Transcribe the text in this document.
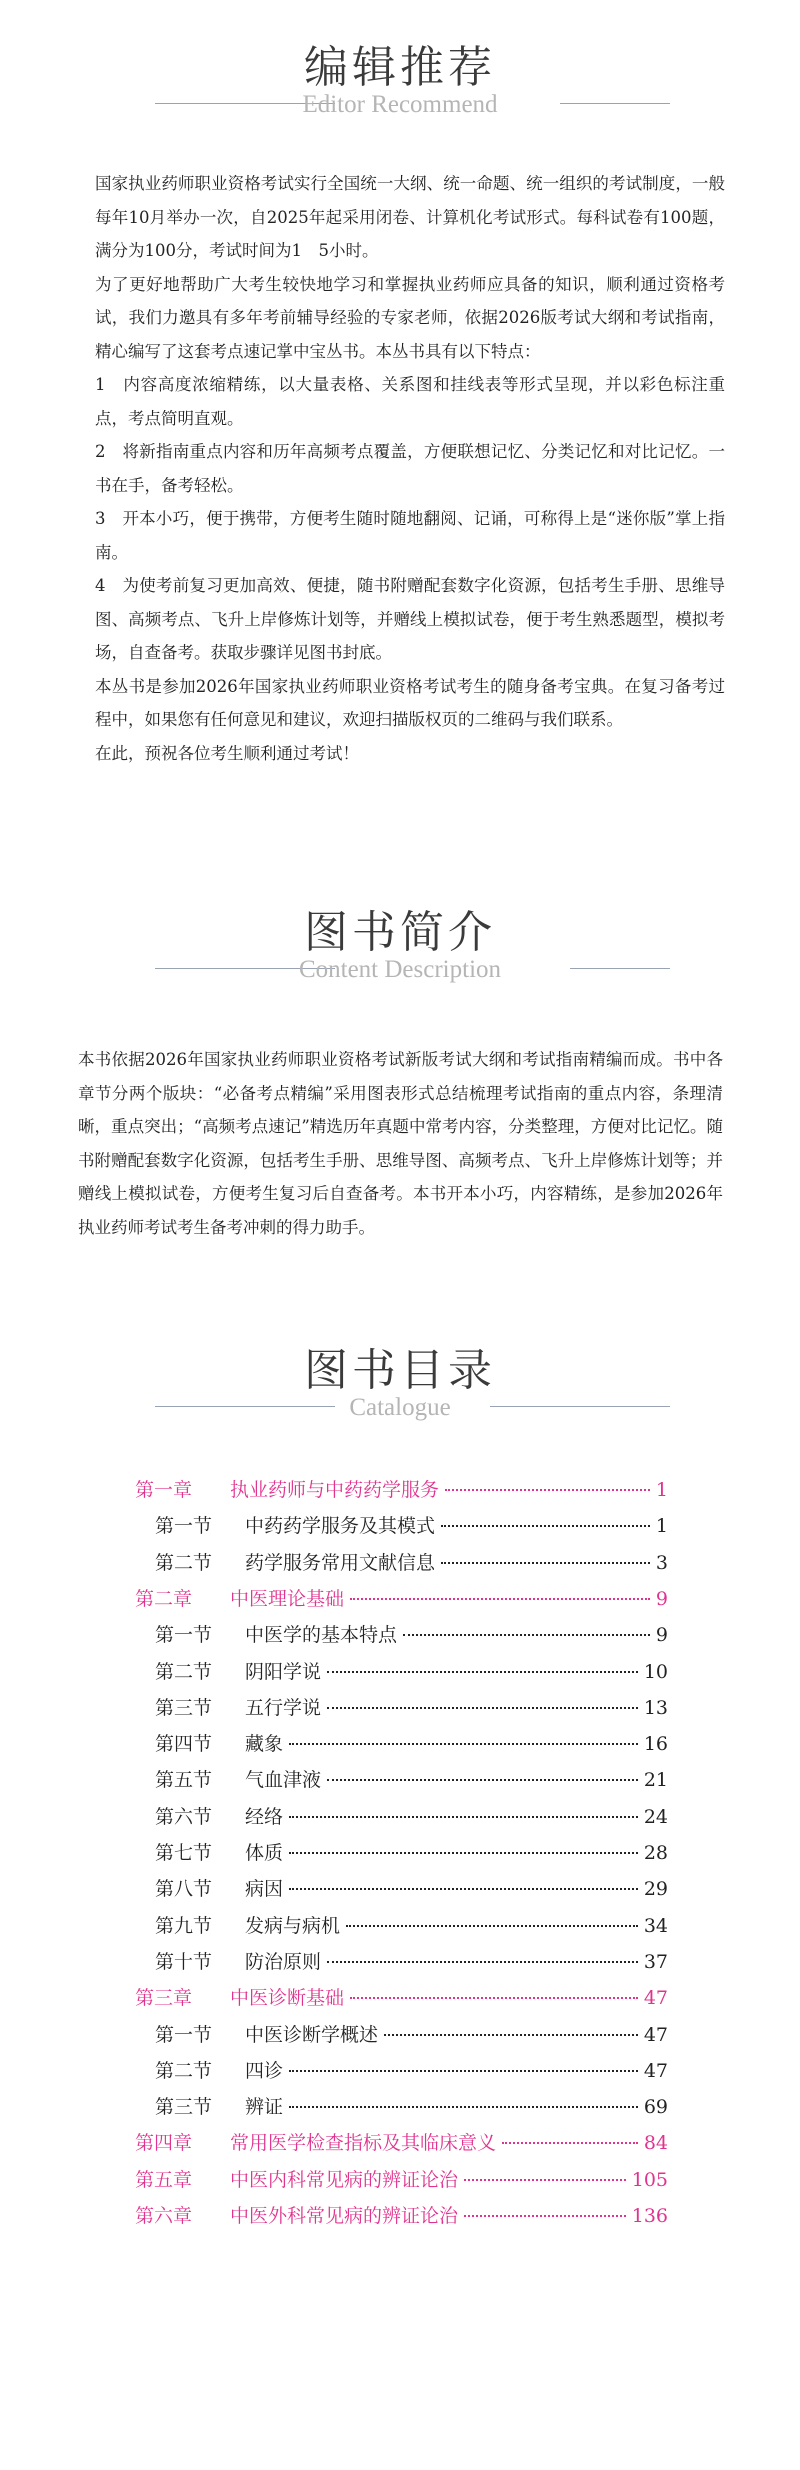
编辑推荐
Editor Recommend

国家执业药师职业资格考试实行全国统一大纲、统一命题、统一组织的考试制度，一般每年10月举办一次，自2025年起采用闭卷、计算机化考试形式。每科试卷有100题，满分为100分，考试时间为1　5小时。

为了更好地帮助广大考生较快地学习和掌握执业药师应具备的知识，顺利通过资格考试，我们力邀具有多年考前辅导经验的专家老师，依据2026版考试大纲和考试指南，精心编写了这套考点速记掌中宝丛书。本丛书具有以下特点：

1　内容高度浓缩精练，以大量表格、关系图和挂线表等形式呈现，并以彩色标注重点，考点简明直观。

2　将新指南重点内容和历年高频考点覆盖，方便联想记忆、分类记忆和对比记忆。一书在手，备考轻松。

3　开本小巧，便于携带，方便考生随时随地翻阅、记诵，可称得上是“迷你版”掌上指南。

4　为使考前复习更加高效、便捷，随书附赠配套数字化资源，包括考生手册、思维导图、高频考点、飞升上岸修炼计划等，并赠线上模拟试卷，便于考生熟悉题型，模拟考场，自查备考。获取步骤详见图书封底。

本丛书是参加2026年国家执业药师职业资格考试考生的随身备考宝典。在复习备考过程中，如果您有任何意见和建议，欢迎扫描版权页的二维码与我们联系。

在此，预祝各位考生顺利通过考试！

图书简介
Content Description

本书依据2026年国家执业药师职业资格考试新版考试大纲和考试指南精编而成。书中各章节分两个版块：“必备考点精编”采用图表形式总结梳理考试指南的重点内容，条理清晰，重点突出；“高频考点速记”精选历年真题中常考内容，分类整理，方便对比记忆。随书附赠配套数字化资源，包括考生手册、思维导图、高频考点、飞升上岸修炼计划等；并赠线上模拟试卷，方便考生复习后自查备考。本书开本小巧，内容精练，是参加2026年执业药师考试考生备考冲刺的得力助手。

图书目录
Catalogue
第一章	执业药师与中药药学服务	1
第一节	中药药学服务及其模式	1
第二节	药学服务常用文献信息	3
第二章	中医理论基础	9
第一节	中医学的基本特点	9
第二节	阴阳学说	10
第三节	五行学说	13
第四节	藏象	16
第五节	气血津液	21
第六节	经络	24
第七节	体质	28
第八节	病因	29
第九节	发病与病机	34
第十节	防治原则	37
第三章	中医诊断基础	47
第一节	中医诊断学概述	47
第二节	四诊	47
第三节	辨证	69
第四章	常用医学检查指标及其临床意义	84
第五章	中医内科常见病的辨证论治	105
第六章	中医外科常见病的辨证论治	136
